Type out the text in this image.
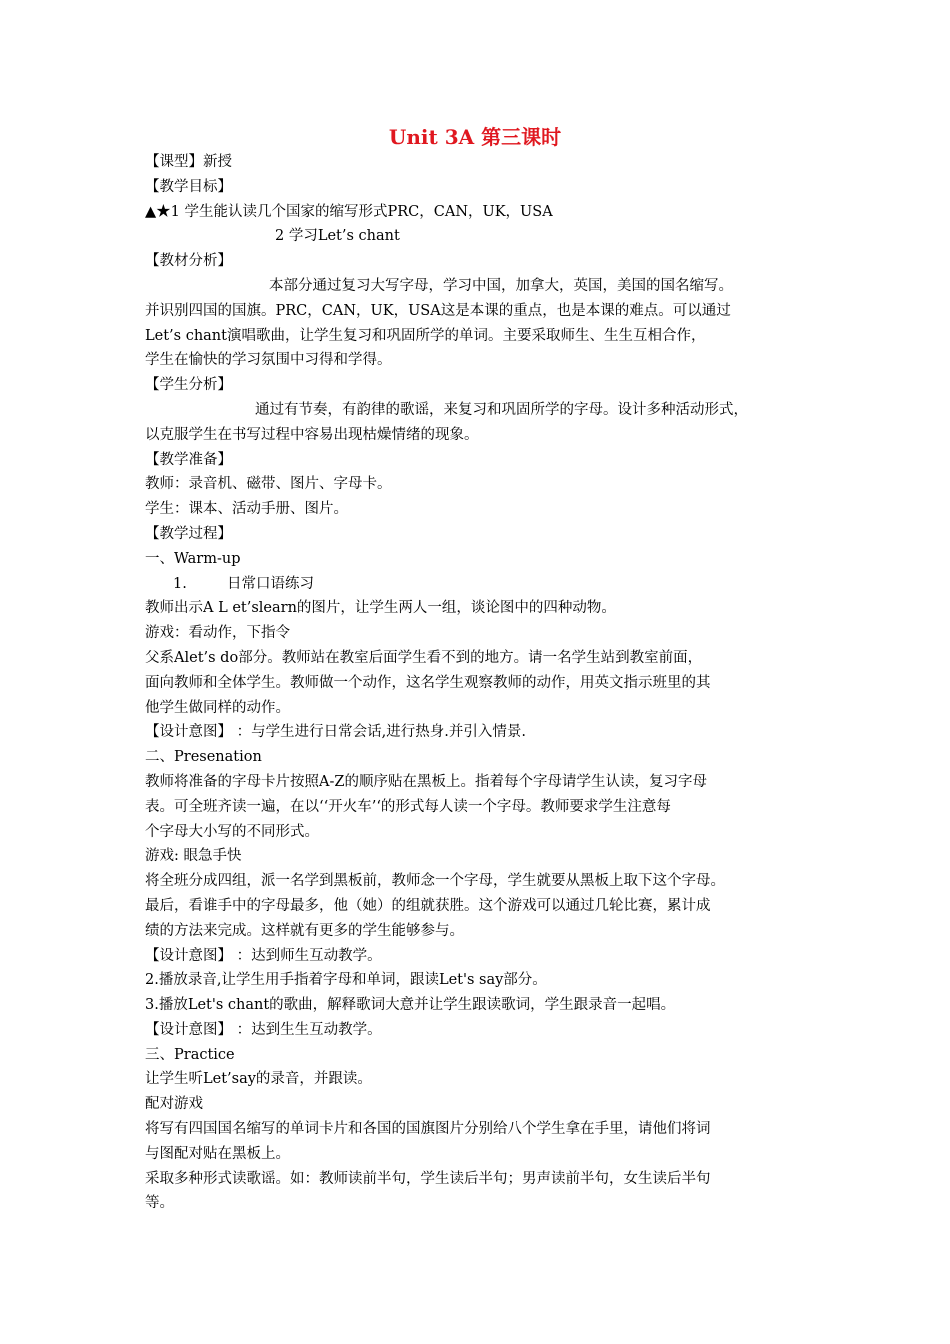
Unit 3A 第三课时
【课型】新授
【教学目标】
▲★1 学生能认读几个国家的缩写形式PRC，CAN，UK，USA
2 学习Let’s chant
【教材分析】
本部分通过复习大写字母，学习中国，加拿大，英国，美国的国名缩写。
并识别四国的国旗。PRC，CAN，UK，USA这是本课的重点，也是本课的难点。可以通过
Let’s chant演唱歌曲，让学生复习和巩固所学的单词。主要采取师生、生生互相合作，
学生在愉快的学习氛围中习得和学得。
【学生分析】
通过有节奏，有韵律的歌谣，来复习和巩固所学的字母。设计多种活动形式，
以克服学生在书写过程中容易出现枯燥情绪的现象。
【教学准备】
教师：录音机、磁带、图片、字母卡。
学生：课本、活动手册、图片。
【教学过程】
一、Warm-up
1.	日常口语练习
教师出示A L et’slearn的图片，让学生两人一组，谈论图中的四种动物。
游戏：看动作，下指令
父系Alet’s do部分。教师站在教室后面学生看不到的地方。请一名学生站到教室前面，
面向教师和全体学生。教师做一个动作，这名学生观察教师的动作，用英文指示班里的其
他学生做同样的动作。
【设计意图】 ：与学生进行日常会话,进行热身.并引入情景.
二、Presenation
教师将准备的字母卡片按照A-Z的顺序贴在黑板上。指着每个字母请学生认读，复习字母
表。可全班齐读一遍，在以‘‘开火车’‘的形式每人读一个字母。教师要求学生注意每
个字母大小写的不同形式。
游戏: 眼急手快
将全班分成四组，派一名学到黑板前，教师念一个字母，学生就要从黑板上取下这个字母。
最后，看谁手中的字母最多，他（她）的组就获胜。这个游戏可以通过几轮比赛，累计成
绩的方法来完成。这样就有更多的学生能够参与。
【设计意图】 ：达到师生互动教学。
2.播放录音,让学生用手指着字母和单词，跟读Let's say部分。
3.播放Let's chant的歌曲，解释歌词大意并让学生跟读歌词，学生跟录音一起唱。
【设计意图】 ：达到生生互动教学。
三、Practice
让学生听Let’say的录音，并跟读。
配对游戏
将写有四国国名缩写的单词卡片和各国的国旗图片分别给八个学生拿在手里，请他们将词
与图配对贴在黑板上。
采取多种形式读歌谣。如：教师读前半句，学生读后半句；男声读前半句，女生读后半句
等。
